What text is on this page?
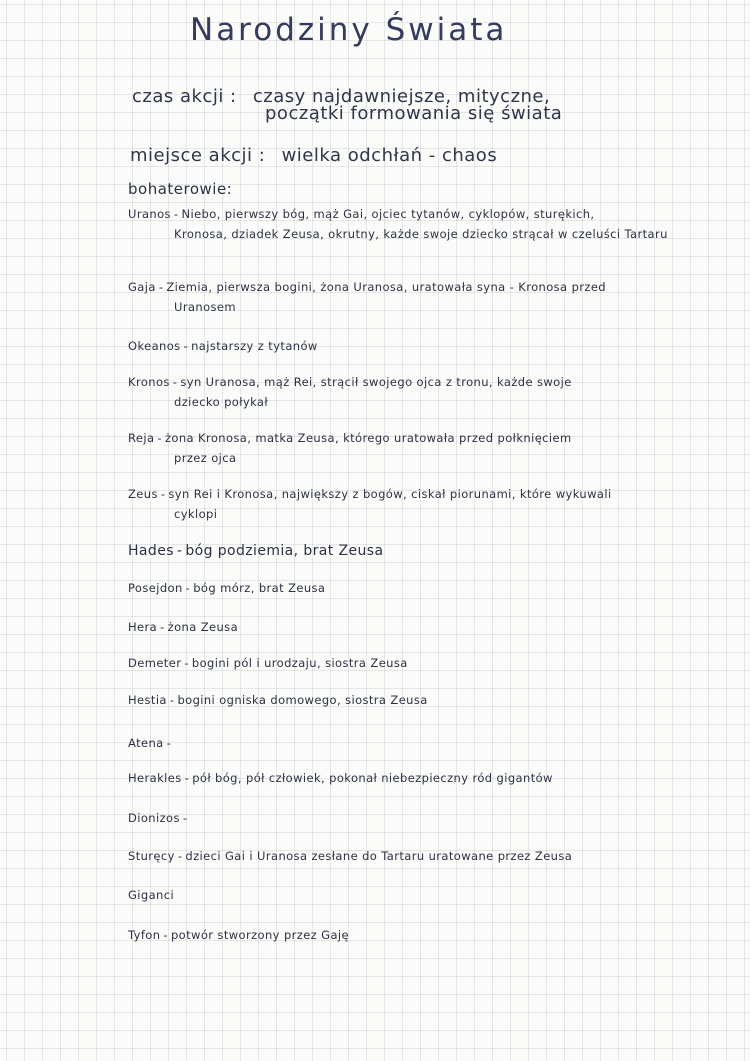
Narodziny Świata
czas akcji : czasy najdawniejsze, mityczne,
początki formowania się świata
miejsce akcji : wielka odchłań - chaos
bohaterowie:
Uranos - Niebo, pierwszy bóg, mąż Gai, ojciec tytanów, cyklopów, sturękich,
Kronosa, dziadek Zeusa, okrutny, każde swoje dziecko strącał w czeluści Tartaru
Gaja - Ziemia, pierwsza bogini, żona Uranosa, uratowała syna - Kronosa przed
Uranosem
Okeanos - najstarszy z tytanów
Kronos - syn Uranosa, mąż Rei, strącił swojego ojca z tronu, każde swoje
dziecko połykał
Reja - żona Kronosa, matka Zeusa, którego uratowała przed połknięciem
przez ojca
Zeus - syn Rei i Kronosa, największy z bogów, ciskał piorunami, które wykuwali
cyklopi
Hades - bóg podziemia, brat Zeusa
Posejdon - bóg mórz, brat Zeusa
Hera - żona Zeusa
Demeter - bogini pól i urodzaju, siostra Zeusa
Hestia - bogini ogniska domowego, siostra Zeusa
Atena -
Herakles - pół bóg, pół człowiek, pokonał niebezpieczny ród gigantów
Dionizos -
Sturęcy - dzieci Gai i Uranosa zesłane do Tartaru uratowane przez Zeusa
Giganci
Tyfon - potwór stworzony przez Gaję
